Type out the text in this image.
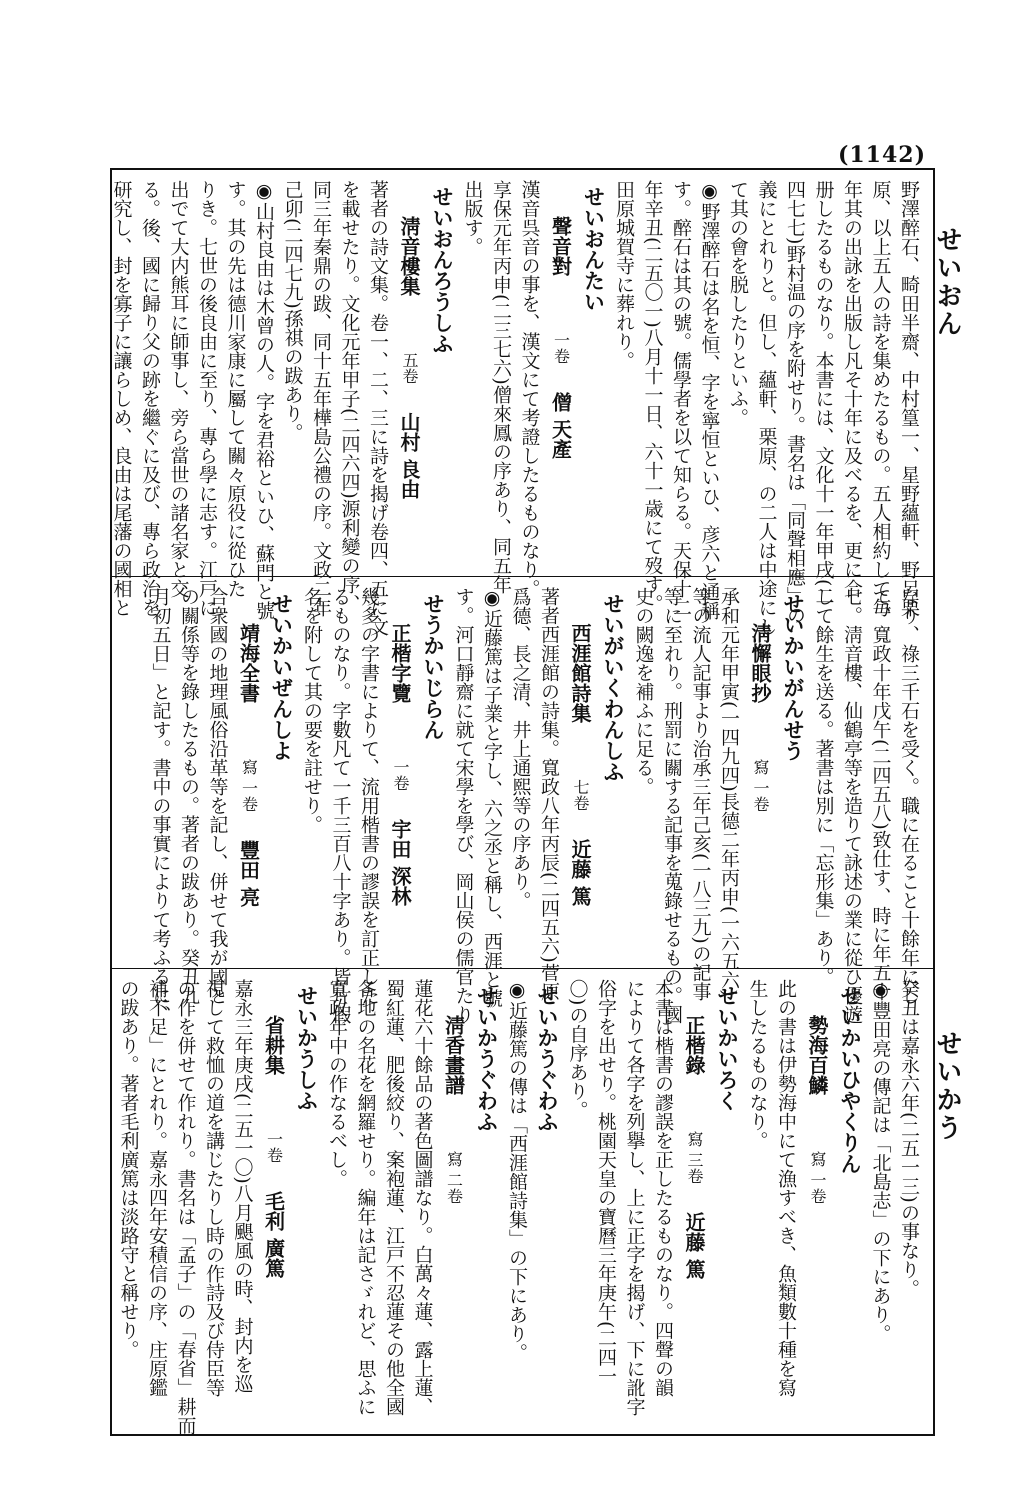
(1142)
せいおん
せいかう
野澤醉石、畸田半齋、中村篁一、星野蘊軒、野呂栗
原、以上五人の詩を集めたるもの。五人相約して毎
年其の出詠を出版し凡そ十年に及べるを、更に合
册したるものなり。本書には、文化十一年甲戌(二
四七七)野村温の序を附せり。書名は「同聲相應」の
義にとれりと。但し、蘊軒、栗原、の二人は中途にし
て其の會を脱したりといふ。
◉野澤醉石は名を恒、字を寧恒といひ、彦六と通稱
す。醉石は其の號。儒學者を以て知らる。天保十二
年辛丑(二五〇一)八月十一日、六十一歳にて歿す。
田原城賀寺に葬れり。
せいおんたい
聲音對一卷僧 天產
漢音呉音の事を、漢文にて考證したるものなり。
享保元年丙申(二三七六)僧來鳳の序あり、同五年
出版す。
せいおんろうしふ
淸音樓集五卷山村 良由
著者の詩文集。卷一、二、三に詩を揭げ卷四、五に文
を載せたり。文化元年甲子(二四六四)源利變の序、
同三年秦鼎の跋、同十五年樺島公禮の序。文政二年
己卯(二四七九)孫祺の跋あり。
◉山村良由は木曾の人。字を君裕といひ、蘇門と號
す。其の先は德川家康に屬して關々原役に從ひた
りき。七世の後良由に至り、專ら學に志す。江戸に
出でて大内熊耳に師事し、旁ら當世の諸名家と交
る。後、國に歸り父の跡を繼ぐに及び、專ら政治を
研究し、封を寡子に讓らしめ、良由は尾藩の國相と
なり、祿三千石を受く。職に在ること十餘年にし
て、寬政十年戊午(二四五八)致仕す、時に年五十
七。淸音樓、仙鶴亭等を造りて詠述の業に從ひ優遊
して餘生を送る。著書は別に「忘形集」あり。
せいかいがんせう
淸懈眼抄寫 一卷
承和元年甲寅(一四九四)長德二年丙申(一六五六)
等の流人記事より治承三年己亥(一八三九)の記事
等に至れり。刑罰に關する記事を蒐錄せるもの。國
史の闕逸を補ふに足る。
せいがいくわんしふ
西涯館詩集七卷近藤 篤
著者西涯館の詩集。寬政八年丙辰(二四五六)菅原
爲德、長之清、井上通熙等の序あり。
◉近藤篤は子業と字し、六之丞と稱し、西涯と號
す。河口靜齋に就て宋學を學び、岡山侯の儒官たり
せうかいじらん
正楷字覽一卷宇田 深林
幾多の字書によりて、流用楷書の謬誤を訂正した
るものなり。字數凡て一千三百八十字あり。皆片假
名を附して其の要を註せり。
せいかいぜんしよ
靖海全書寫 一卷豐田 亮
合衆國の地理風俗沿革等を記し、併せて我が國と
の關係等を錄したるもの。著者の跋あり。癸丑九
月初五日」と記す。書中の事實によりて考ふるに、
癸丑は嘉永六年(二五一三)の事なり。
◉豐田亮の傳記は「北島志」の下にあり。
せいかいひやくりん
勢海百鱗寫 一卷
此の書は伊勢海中にて漁すべき、魚類數十種を寫
生したるものなり。
せいかいろく
正楷錄寫 三卷近藤 篤
本書は楷書の謬誤を正したるものなり。四聲の韻
によりて各字を列擧し、上に正字を揭げ、下に訛字
俗字を出せり。桃園天皇の寶曆三年庚午(二四一
〇)の自序あり。
せいかうぐわふ
◉近藤篤の傳は「西涯館詩集」の下にあり。
せいかうぐわふ
淸香畫譜寫 二卷
蓮花六十餘品の著色圖譜なり。白萬々蓮、露上蓮、
蜀紅蓮、肥後絞り、案袍蓮、江戸不忍蓮その他全國
各地の名花を網羅せり。編年は記さゞれど、思ふに
寬政年中の作なるべし。
せいかうしふ
省耕集一卷毛利 廣篤
嘉永三年庚戌(二五一〇)八月颶風の時、封内を巡
視して救恤の道を講じたりし時の作詩及び侍臣等
の作を併せて作れり。書名は「孟子」の「春省」耕而
補不足」にとれり。嘉永四年安積信の序、庄原鑑
の跋あり。著者毛利廣篤は淡路守と稱せり。
